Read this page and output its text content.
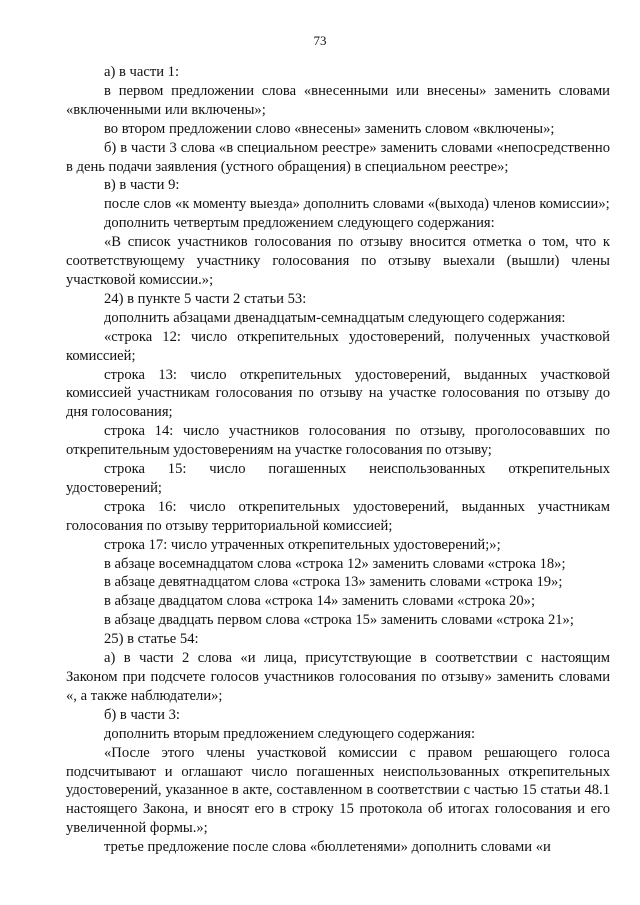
73

а) в части 1:

в первом предложении слова «внесенными или внесены» заменить словами «включенными или включены»;

во втором предложении слово «внесены» заменить словом «включены»;

б) в части 3 слова «в специальном реестре» заменить словами «непосредственно в день подачи заявления (устного обращения) в специальном реестре»;

в) в части 9:

после слов «к моменту выезда» дополнить словами «(выхода) членов комиссии»;

дополнить четвертым предложением следующего содержания:

«В список участников голосования по отзыву вносится отметка о том, что к соответствующему участнику голосования по отзыву выехали (вышли) члены участковой комиссии.»;

24) в пункте 5 части 2 статьи 53:

дополнить абзацами двенадцатым-семнадцатым следующего содержания:

«строка 12: число открепительных удостоверений, полученных участковой комиссией;

строка 13: число открепительных удостоверений, выданных участковой комиссией участникам голосования по отзыву на участке голосования по отзыву до дня голосования;

строка 14: число участников голосования по отзыву, проголосовавших по открепительным удостоверениям на участке голосования по отзыву;

строка 15: число погашенных неиспользованных открепительных удостоверений;

строка 16: число открепительных удостоверений, выданных участникам голосования по отзыву территориальной комиссией;

строка 17: число утраченных открепительных удостоверений;»;

в абзаце восемнадцатом слова «строка 12» заменить словами «строка 18»;

в абзаце девятнадцатом слова «строка 13» заменить словами «строка 19»;

в абзаце двадцатом слова «строка 14» заменить словами «строка 20»;

в абзаце двадцать первом слова «строка 15» заменить словами «строка 21»;

25) в статье 54:

а) в части 2 слова «и лица, присутствующие в соответствии с настоящим Законом при подсчете голосов участников голосования по отзыву» заменить словами «, а также наблюдатели»;

б) в части 3:

дополнить вторым предложением следующего содержания:

«После этого члены участковой комиссии с правом решающего голоса подсчитывают и оглашают число погашенных неиспользованных открепительных удостоверений, указанное в акте, составленном в соответствии с частью 15 статьи 48.1 настоящего Закона, и вносят его в строку 15 протокола об итогах голосования и его увеличенной формы.»;

третье предложение после слова «бюллетенями» дополнить словами «и
